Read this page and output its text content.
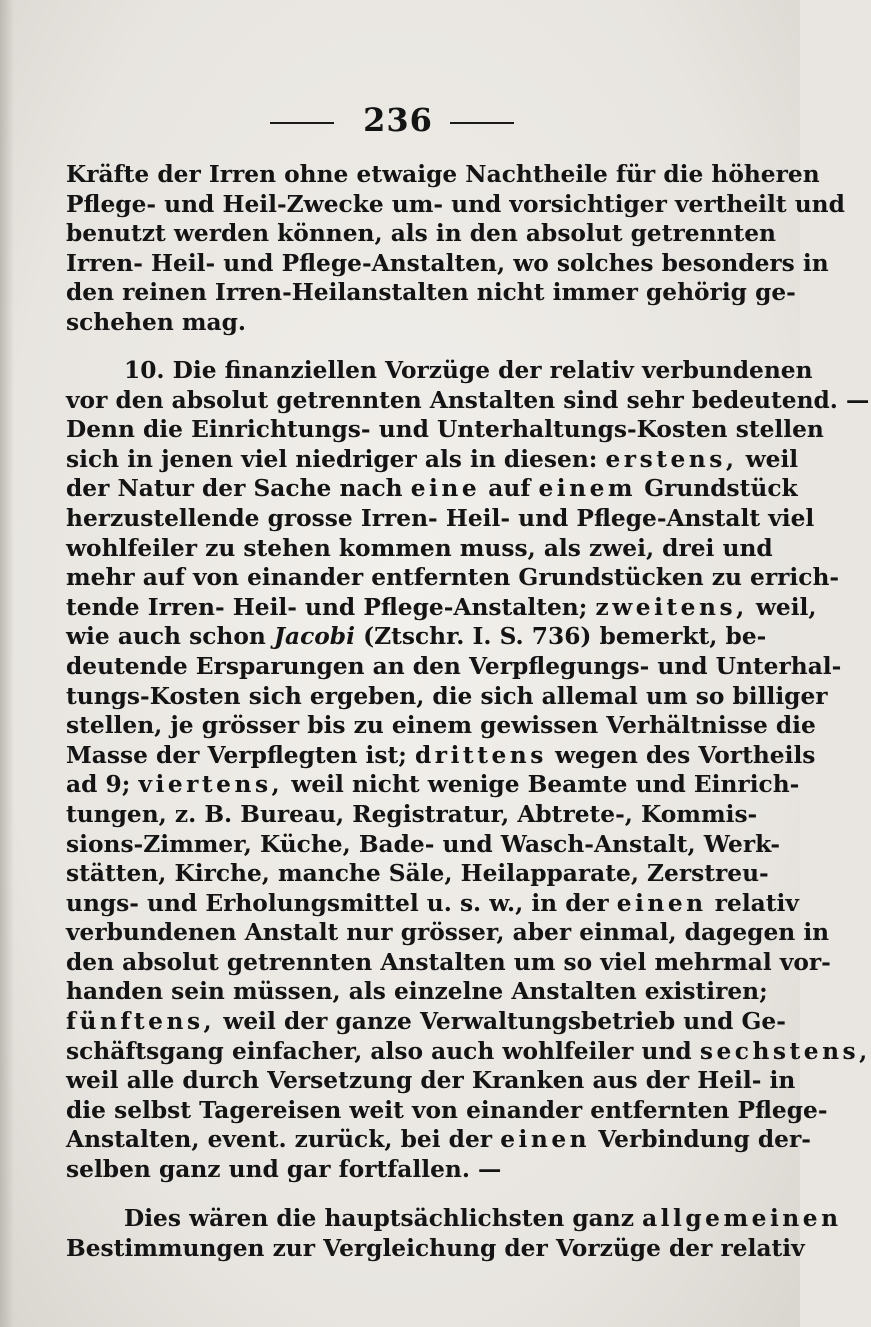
236
Kräfte der Irren ohne etwaige Nachtheile für die höheren
Pflege- und Heil-Zwecke um- und vorsichtiger vertheilt und
benutzt werden können, als in den absolut getrennten
Irren- Heil- und Pflege-Anstalten, wo solches besonders in
den reinen Irren-Heilanstalten nicht immer gehörig ge-
schehen mag.
10. Die finanziellen Vorzüge der relativ verbundenen
vor den absolut getrennten Anstalten sind sehr bedeutend. —
Denn die Einrichtungs- und Unterhaltungs-Kosten stellen
sich in jenen viel niedriger als in diesen: erstens, weil
der Natur der Sache nach eine auf einem Grundstück
herzustellende grosse Irren- Heil- und Pflege-Anstalt viel
wohlfeiler zu stehen kommen muss, als zwei, drei und
mehr auf von einander entfernten Grundstücken zu errich-
tende Irren- Heil- und Pflege-Anstalten; zweitens, weil,
wie auch schon Jacobi (Ztschr. I. S. 736) bemerkt, be-
deutende Ersparungen an den Verpflegungs- und Unterhal-
tungs-Kosten sich ergeben, die sich allemal um so billiger
stellen, je grösser bis zu einem gewissen Verhältnisse die
Masse der Verpflegten ist; drittens wegen des Vortheils
ad 9; viertens, weil nicht wenige Beamte und Einrich-
tungen, z. B. Bureau, Registratur, Abtrete-, Kommis-
sions-Zimmer, Küche, Bade- und Wasch-Anstalt, Werk-
stätten, Kirche, manche Säle, Heilapparate, Zerstreu-
ungs- und Erholungsmittel u. s. w., in der einen relativ
verbundenen Anstalt nur grösser, aber einmal, dagegen in
den absolut getrennten Anstalten um so viel mehrmal vor-
handen sein müssen, als einzelne Anstalten existiren;
fünftens, weil der ganze Verwaltungsbetrieb und Ge-
schäftsgang einfacher, also auch wohlfeiler und sechstens,
weil alle durch Versetzung der Kranken aus der Heil- in
die selbst Tagereisen weit von einander entfernten Pflege-
Anstalten, event. zurück, bei der einen Verbindung der-
selben ganz und gar fortfallen. —
Dies wären die hauptsächlichsten ganz allgemeinen
Bestimmungen zur Vergleichung der Vorzüge der relativ
